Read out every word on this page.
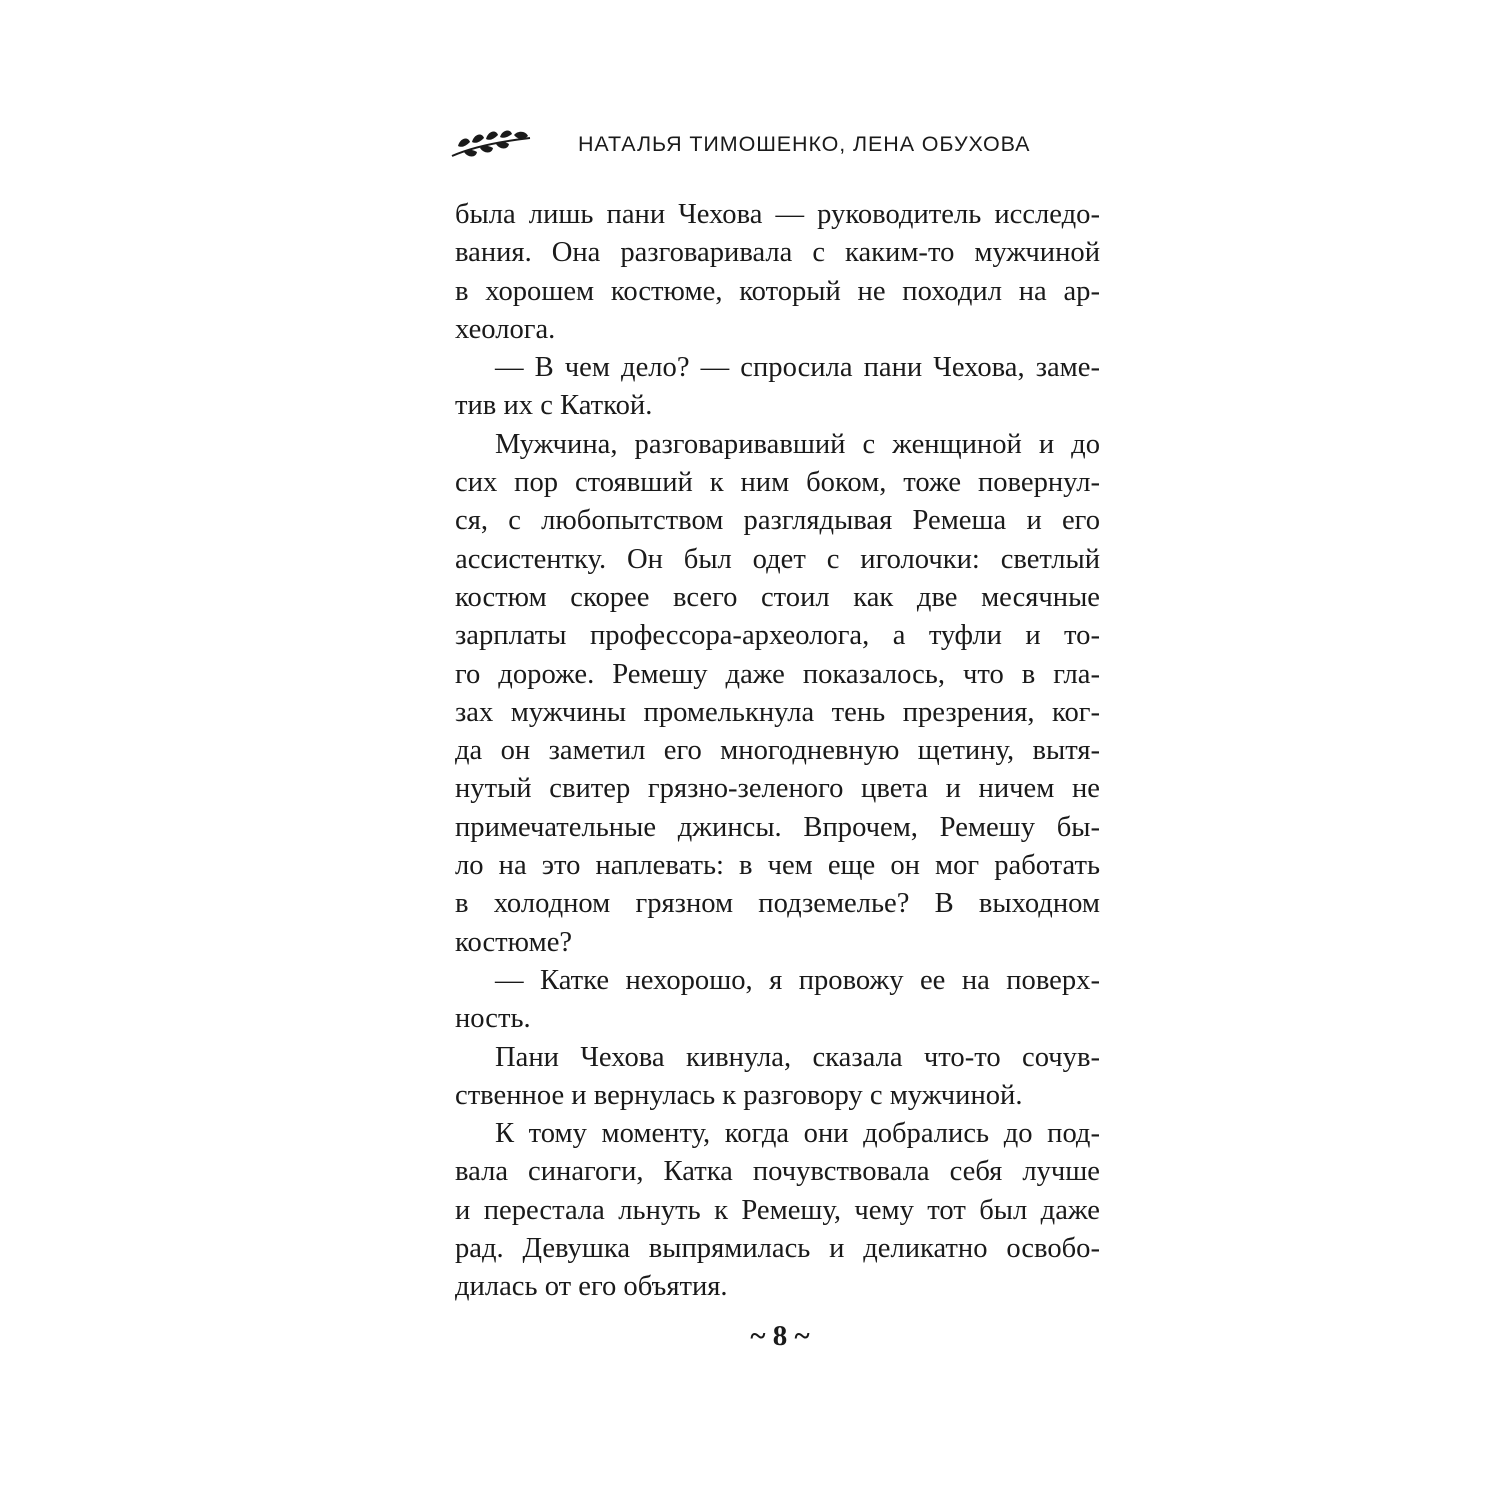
НАТАЛЬЯ ТИМОШЕНКО, ЛЕНА ОБУХОВА
была лишь пани Чехова — руководитель исследо-
вания. Она разговаривала с каким-то мужчиной
в хорошем костюме, который не походил на ар-
хеолога.
— В чем дело? — спросила пани Чехова, заме-
тив их с Каткой.
Мужчина, разговаривавший с женщиной и до
сих пор стоявший к ним боком, тоже повернул-
ся, с любопытством разглядывая Ремеша и его
ассистентку. Он был одет с иголочки: светлый
костюм скорее всего стоил как две месячные
зарплаты профессора-археолога, а туфли и то-
го дороже. Ремешу даже показалось, что в гла-
зах мужчины промелькнула тень презрения, ког-
да он заметил его многодневную щетину, вытя-
нутый свитер грязно-зеленого цвета и ничем не
примечательные джинсы. Впрочем, Ремешу бы-
ло на это наплевать: в чем еще он мог работать
в холодном грязном подземелье? В выходном
костюме?
— Катке нехорошо, я провожу ее на поверх-
ность.
Пани Чехова кивнула, сказала что-то сочув-
ственное и вернулась к разговору с мужчиной.
К тому моменту, когда они добрались до под-
вала синагоги, Катка почувствовала себя лучше
и перестала льнуть к Ремешу, чему тот был даже
рад. Девушка выпрямилась и деликатно освобо-
дилась от его объятия.
~ 8 ~
